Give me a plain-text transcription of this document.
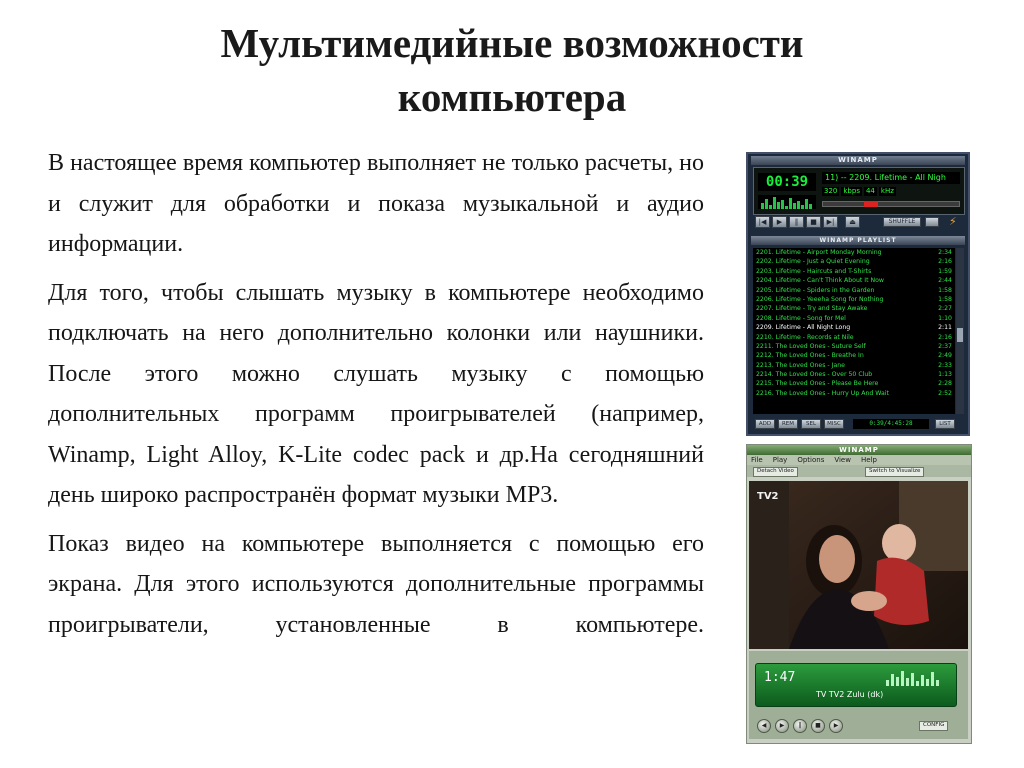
Мультимедийные возможности компьютера

В настоящее время компьютер выполняет не только расчеты, но и служит для обработки и показа музыкальной и аудио информации.

Для того, чтобы слышать музыку в компьютере необходимо подключать на него дополнительно колонки или наушники. После этого можно слушать музыку с помощью дополнительных программ проигрывателей (например, Winamp, Light Alloy, K-Lite codec pack и др.На сегодняшний день широко распространён формат музыки MP3.

Показ видео на компьютере выполняется с помощью его экрана. Для этого используются дополнительные программы проигрыватели, установленные в компьютере.

WINAMP
00:39	11) -- 2209. Lifetime - All Nigh
320 kbps 44 kHz
|◀	▶	‖	■	▶|	⏏	SHUFFLE	⚡
WINAMP PLAYLIST
2201. Lifetime - Airport Monday Morning	2:34
2202. Lifetime - Just a Quiet Evening	2:16
2203. Lifetime - Haircuts and T-Shirts	1:59
2204. Lifetime - Can't Think About It Now	2:44
2205. Lifetime - Spiders in the Garden	1:58
2206. Lifetime - Yeeeha Song for Nothing	1:58
2207. Lifetime - Try and Stay Awake	2:27
2208. Lifetime - Song for Mel	1:10
2209. Lifetime - All Night Long	2:11
2210. Lifetime - Records at Nile	2:16
2211. The Loved Ones - Suture Self	2:37
2212. The Loved Ones - Breathe In	2:49
2213. The Loved Ones - Jane	2:33
2214. The Loved Ones - Over 50 Club	1:13
2215. The Loved Ones - Please Be Here	2:28
2216. The Loved Ones - Hurry Up And Wait	2:52
ADD	REM	SEL	MISC	0:39/4:45:28	LIST
WINAMP
File Play Options View Help
Detach Video	Switch to Visualize
TV2
1:47
TV TV2 Zulu (dk)
◀	▶	‖	■	▶	CONFIG
